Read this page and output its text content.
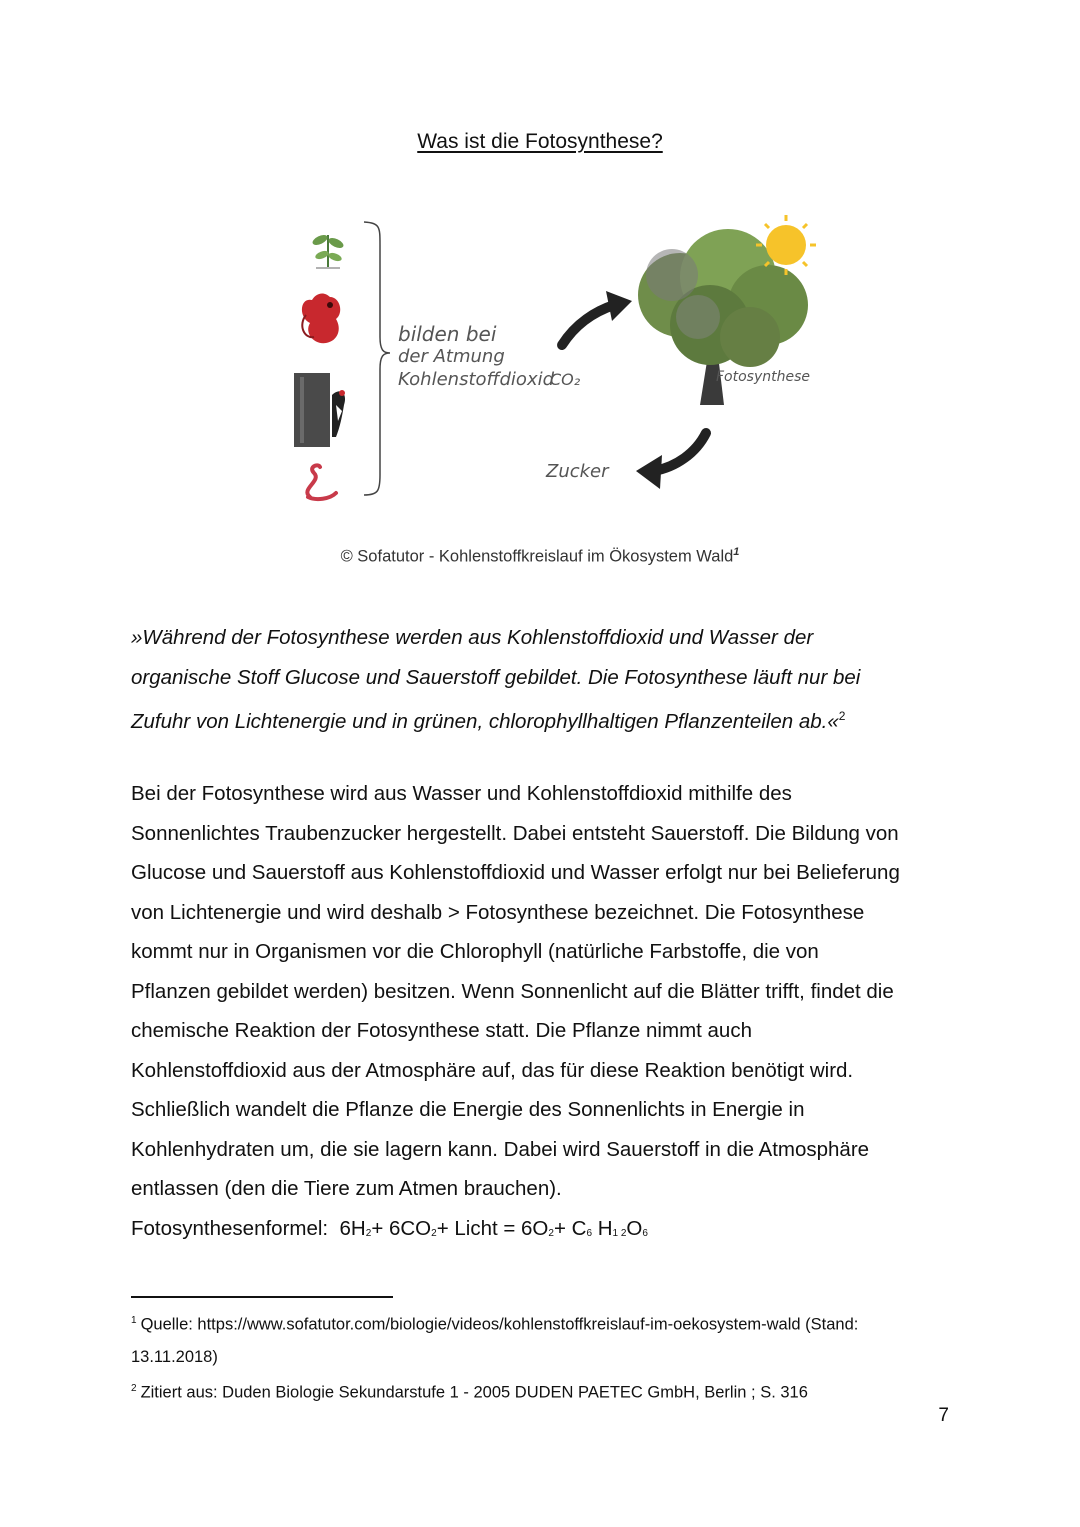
Was ist die Fotosynthese?
bilden bei
der Atmung
Kohlenstoffdioxid
CO₂	Fotosynthese
Zucker
© Sofatutor - Kohlenstoffkreislauf im Ökosystem Wald$^1$
»Während der Fotosynthese werden aus Kohlenstoffdioxid und Wasser der
organische Stoff Glucose und Sauerstoff gebildet. Die Fotosynthese läuft nur bei
Zufuhr von Lichtenergie und in grünen, chlorophyllhaltigen Pflanzenteilen ab.«$^2$
Bei der Fotosynthese wird aus Wasser und Kohlenstoffdioxid mithilfe des
Sonnenlichtes Traubenzucker hergestellt. Dabei entsteht Sauerstoff. Die Bildung von
Glucose und Sauerstoff aus Kohlenstoffdioxid und Wasser erfolgt nur bei Belieferung
von Lichtenergie und wird deshalb > Fotosynthese bezeichnet. Die Fotosynthese
kommt nur in Organismen vor die Chlorophyll (natürliche Farbstoffe, die von
Pflanzen gebildet werden) besitzen. Wenn Sonnenlicht auf die Blätter trifft, findet die
chemische Reaktion der Fotosynthese statt. Die Pflanze nimmt auch
Kohlenstoffdioxid aus der Atmosphäre auf, das für diese Reaktion benötigt wird.
Schließlich wandelt die Pflanze die Energie des Sonnenlichts in Energie in
Kohlenhydraten um, die sie lagern kann. Dabei wird Sauerstoff in die Atmosphäre
entlassen (den die Tiere zum Atmen brauchen).
Fotosynthesenformel: $6H_2+ 6CO_2+$ Licht = $6O_2+ C_6$ $H_{1 2}O_6$
$^1$ Quelle: https://www.sofatutor.com/biologie/videos/kohlenstoffkreislauf-im-oekosystem-wald (Stand:
13.11.2018)
$^2$ Zitiert aus: Duden Biologie Sekundarstufe 1 - 2005 DUDEN PAETEC GmbH, Berlin ; S. 316
7
